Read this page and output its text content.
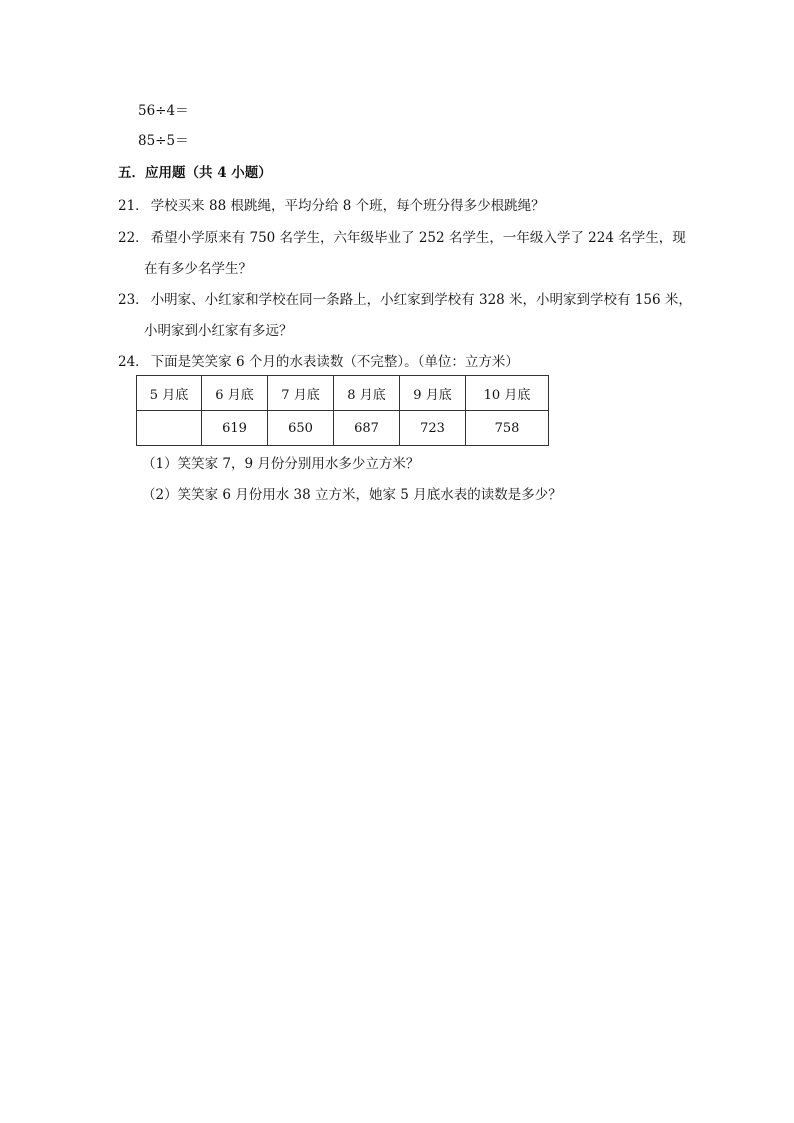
56÷4＝
85÷5＝
五．应用题（共 4 小题）
21． 学校买来 88 根跳绳，平均分给 8 个班，每个班分得多少根跳绳？
22． 希望小学原来有 750 名学生，六年级毕业了 252 名学生，一年级入学了 224 名学生，现
在有多少名学生？
23． 小明家、小红家和学校在同一条路上，小红家到学校有 328 米，小明家到学校有 156 米，
小明家到小红家有多远？
24． 下面是笑笑家 6 个月的水表读数（不完整）。（单位：立方米）
5 月底	6 月底	7 月底	8 月底	9 月底	10 月底
	619	650	687	723	758
（1）笑笑家 7，9 月份分别用水多少立方米？
（2）笑笑家 6 月份用水 38 立方米，她家 5 月底水表的读数是多少？
